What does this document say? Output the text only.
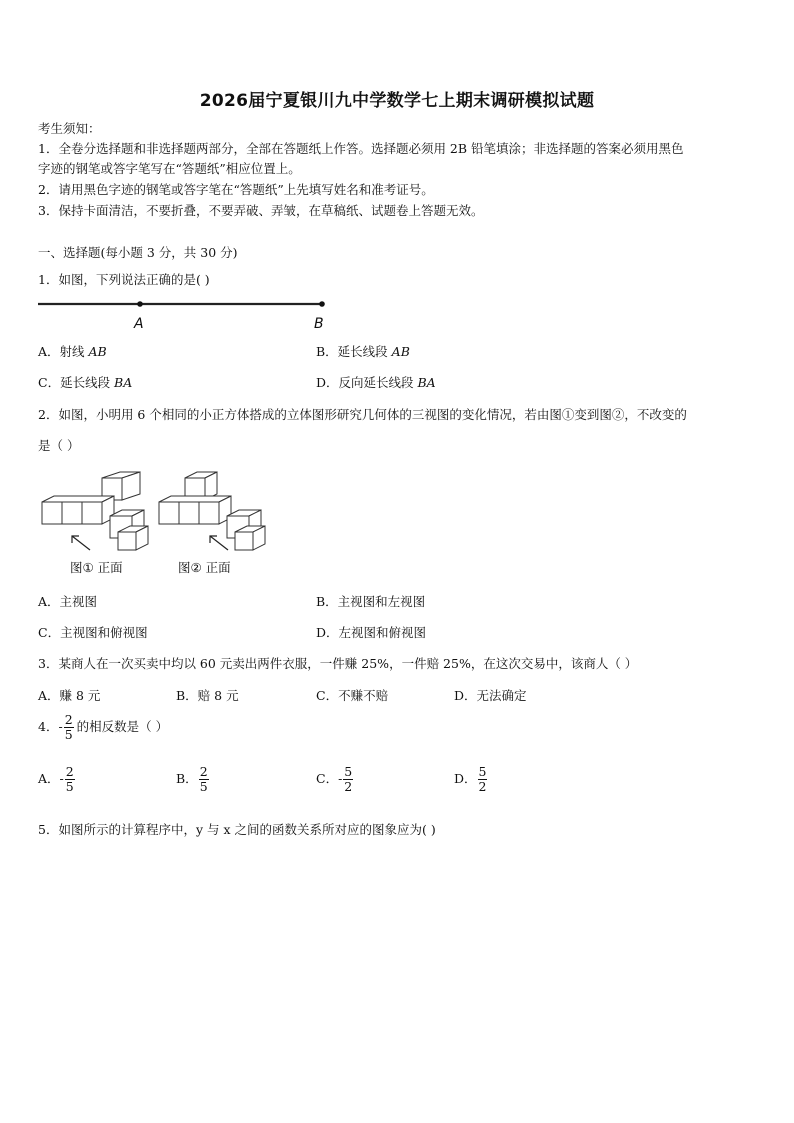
2026届宁夏银川九中学数学七上期末调研模拟试题
考生须知：
1．全卷分选择题和非选择题两部分，全部在答题纸上作答。选择题必须用 2B 铅笔填涂；非选择题的答案必须用黑色
字迹的钢笔或答字笔写在“答题纸”相应位置上。
2．请用黑色字迹的钢笔或答字笔在“答题纸”上先填写姓名和准考证号。
3．保持卡面清洁，不要折叠，不要弄破、弄皱，在草稿纸、试题卷上答题无效。
一、选择题(每小题 3 分，共 30 分)
1．如图，下列说法正确的是( )
A	B
A．射线 AB	B．延长线段 AB
C．延长线段 BA	D．反向延长线段 BA
2．如图，小明用 6 个相同的小正方体搭成的立体图形研究几何体的三视图的变化情况，若由图①变到图②，不改变的
是（ ）
图① 正面	图② 正面
A．主视图	B．主视图和左视图
C．主视图和俯视图	D．左视图和俯视图
3．某商人在一次买卖中均以 60 元卖出两件衣服，一件赚 25%，一件赔 25%，在这次交易中，该商人（ ）
A．赚 8 元	B．赔 8 元	C．不赚不赔	D．无法确定
4．- $\frac{2}{5}$ 的相反数是（ ）
A．- $\frac{2}{5}$	B． $\frac{2}{5}$	C．- $\frac{5}{2}$	D． $\frac{5}{2}$
5．如图所示的计算程序中，y 与 x 之间的函数关系所对应的图象应为( )
